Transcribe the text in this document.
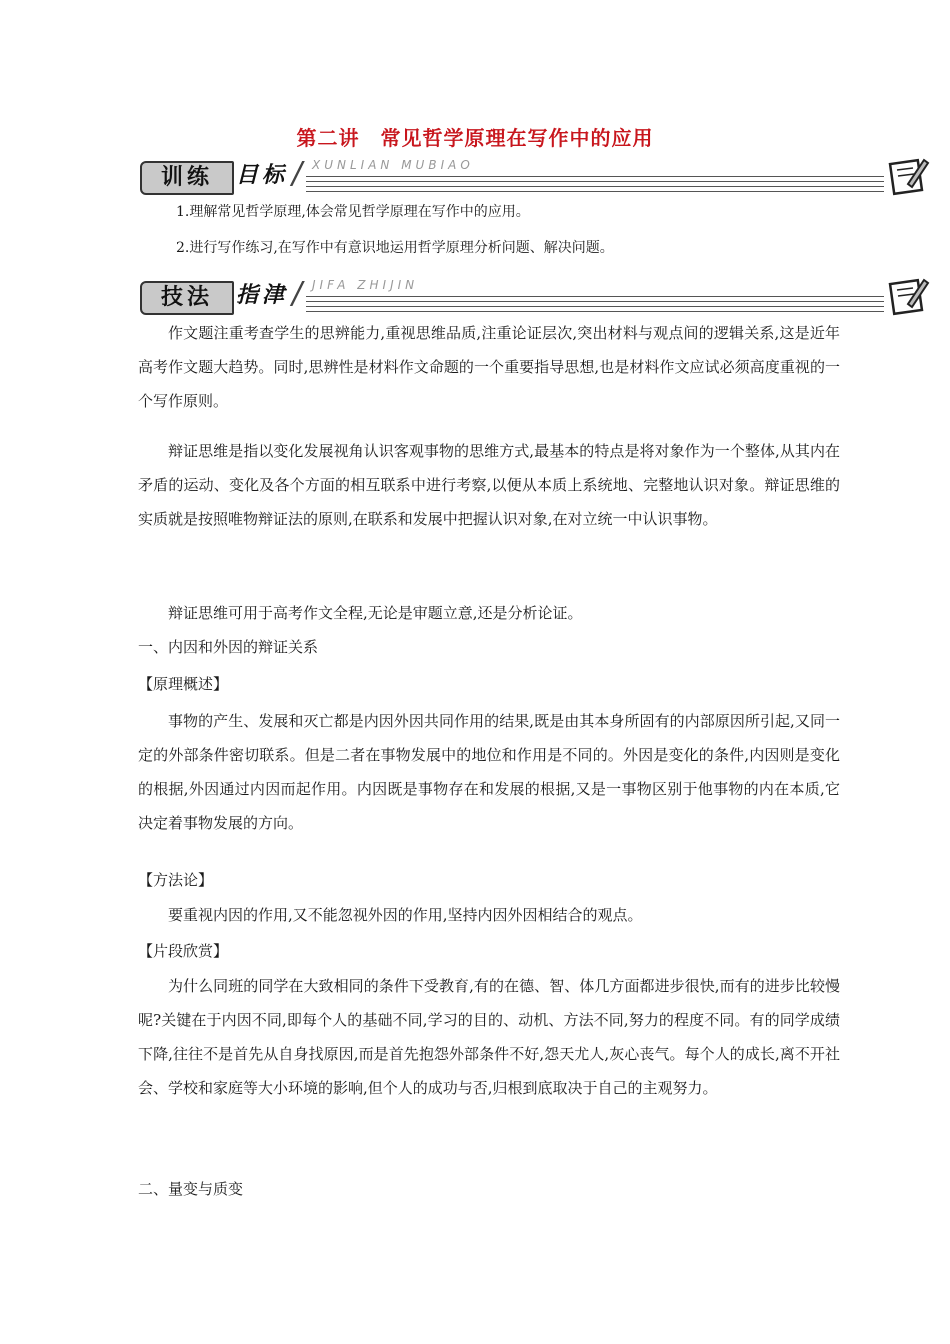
第二讲　常见哲学原理在写作中的应用
训练	目标 / XUNLIAN MUBIAO
1.理解常见哲学原理,体会常见哲学原理在写作中的应用。
2.进行写作练习,在写作中有意识地运用哲学原理分析问题、解决问题。
技法	指津 / JIFA ZHIJIN
作文题注重考查学生的思辨能力,重视思维品质,注重论证层次,突出材料与观点间的逻辑关系,这是近年高考作文题大趋势。同时,思辨性是材料作文命题的一个重要指导思想,也是材料作文应试必须高度重视的一个写作原则。
辩证思维是指以变化发展视角认识客观事物的思维方式,最基本的特点是将对象作为一个整体,从其内在矛盾的运动、变化及各个方面的相互联系中进行考察,以便从本质上系统地、完整地认识对象。辩证思维的实质就是按照唯物辩证法的原则,在联系和发展中把握认识对象,在对立统一中认识事物。
辩证思维可用于高考作文全程,无论是审题立意,还是分析论证。
一、内因和外因的辩证关系
【原理概述】
事物的产生、发展和灭亡都是内因外因共同作用的结果,既是由其本身所固有的内部原因所引起,又同一定的外部条件密切联系。但是二者在事物发展中的地位和作用是不同的。外因是变化的条件,内因则是变化的根据,外因通过内因而起作用。内因既是事物存在和发展的根据,又是一事物区别于他事物的内在本质,它决定着事物发展的方向。
【方法论】
要重视内因的作用,又不能忽视外因的作用,坚持内因外因相结合的观点。
【片段欣赏】
为什么同班的同学在大致相同的条件下受教育,有的在德、智、体几方面都进步很快,而有的进步比较慢呢?关键在于内因不同,即每个人的基础不同,学习的目的、动机、方法不同,努力的程度不同。有的同学成绩下降,往往不是首先从自身找原因,而是首先抱怨外部条件不好,怨天尤人,灰心丧气。每个人的成长,离不开社会、学校和家庭等大小环境的影响,但个人的成功与否,归根到底取决于自己的主观努力。
二、量变与质变
